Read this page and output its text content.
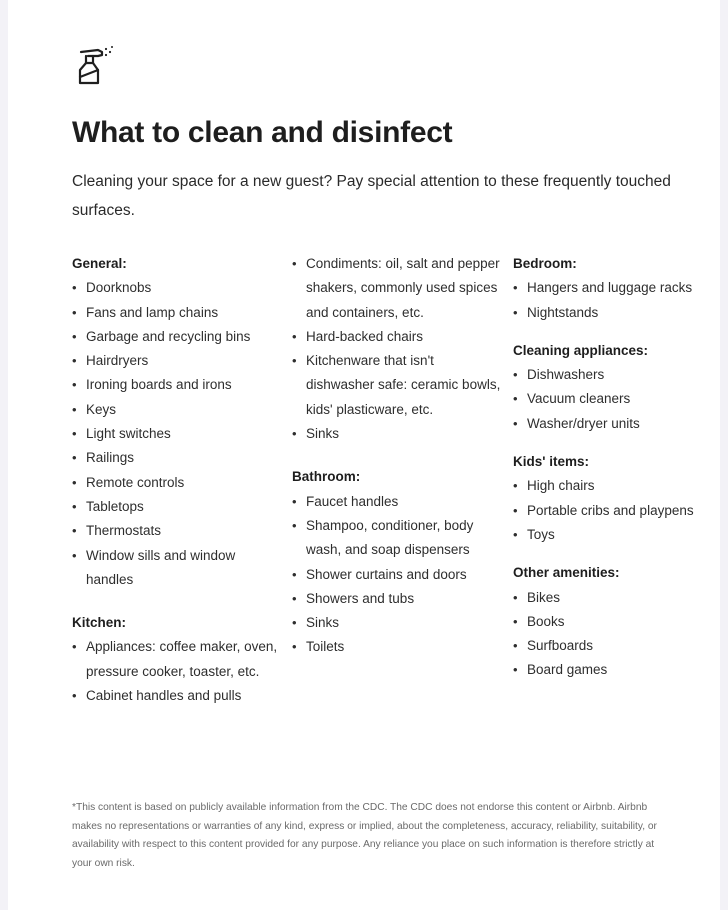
What to clean and disinfect

Cleaning your space for a new guest? Pay special attention to these frequently touched surfaces.

General:
• Doorknobs
• Fans and lamp chains
• Garbage and recycling bins
• Hairdryers
• Ironing boards and irons
• Keys
• Light switches
• Railings
• Remote controls
• Tabletops
• Thermostats
• Window sills and window handles
Kitchen:
• Appliances: coffee maker, oven, pressure cooker, toaster, etc.
• Cabinet handles and pulls
• Condiments: oil, salt and pepper shakers, commonly used spices and containers, etc.
• Hard-backed chairs
• Kitchenware that isn't dishwasher safe: ceramic bowls, kids' plasticware, etc.
• Sinks
Bathroom:
• Faucet handles
• Shampoo, conditioner, body wash, and soap dispensers
• Shower curtains and doors
• Showers and tubs
• Sinks
• Toilets
Bedroom:
• Hangers and luggage racks
• Nightstands
Cleaning appliances:
• Dishwashers
• Vacuum cleaners
• Washer/dryer units
Kids' items:
• High chairs
• Portable cribs and playpens
• Toys
Other amenities:
• Bikes
• Books
• Surfboards
• Board games

*This content is based on publicly available information from the CDC. The CDC does not endorse this content or Airbnb. Airbnb makes no representations or warranties of any kind, express or implied, about the completeness, accuracy, reliability, suitability, or availability with respect to this content provided for any purpose. Any reliance you place on such information is therefore strictly at your own risk.
